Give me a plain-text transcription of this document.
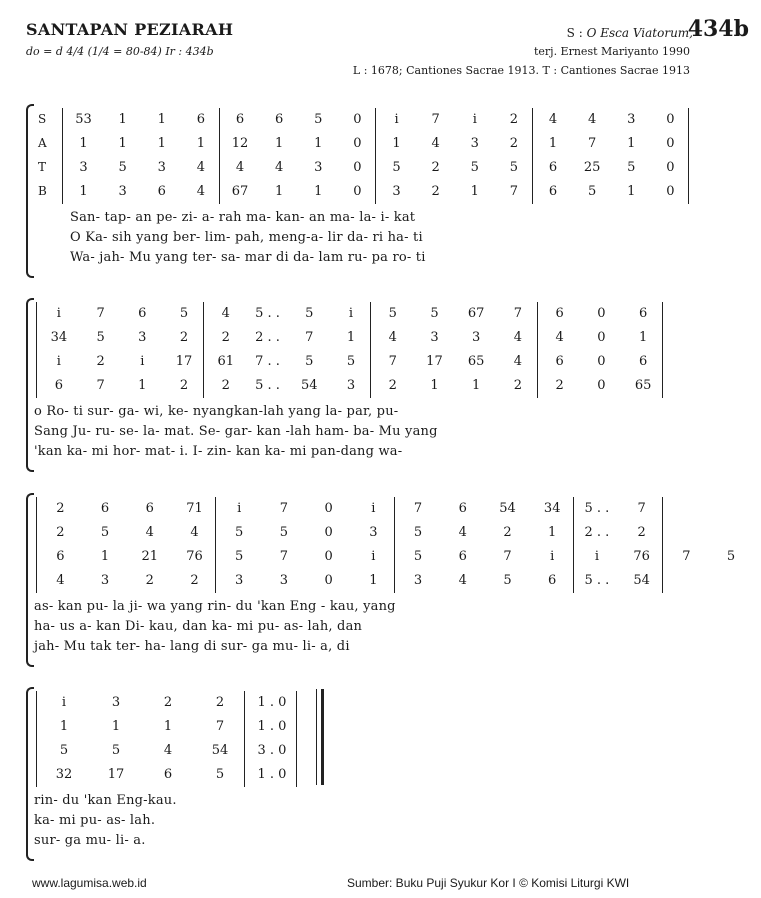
SANTAPAN PEZIARAH
do = d 4/4 (1/4 = 80-84) Ir : 434b
S : O Esca Viatorum,
434b
terj. Ernest Mariyanto 1990
L : 1678; Cantiones Sacrae 1913. T : Cantiones Sacrae 1913
S	53	1	1	6	6	6	5	0	i	7	i	2	4	4	3	0
A	1	1	1	1	12	1	1	0	1	4	3	2	1	7	1	0
T	3	5	3	4	4	4	3	0	5	2	5	5	6	25	5	0
B	1	3	6	4	67	1	1	0	3	2	1	7	6	5	1	0
San- tap- an pe- zi- a- rah ma- kan- an ma- la- i- kat
O Ka- sih yang ber- lim- pah, meng-a- lir da- ri ha- ti
Wa- jah- Mu yang ter- sa- mar di da- lam ru- pa ro- ti
i	7	6	5	4	5 . .	5	i	5	5	67	7	6	0	6
34	5	3	2	2	2 . .	7	1	4	3	3	4	4	0	1
i	2	i	17	61	7 . .	5	5	7	17	65	4	6	0	6
6	7	1	2	2	5 . .	54	3	2	1	1	2	2	0	65
o Ro- ti sur- ga- wi, ke- nyangkan-lah yang la- par, pu-
Sang Ju- ru- se- la- mat. Se- gar- kan -lah ham- ba- Mu yang
'kan ka- mi hor- mat- i. I- zin- kan ka- mi pan-dang wa-
2	6	6	71	i	7	0	i	7	6	54	34	5 . .	7
2	5	4	4	5	5	0	3	5	4	2	1	2 . .	2
6	1	21	76	5	7	0	i	5	6	7	i	i	76	7	5
4	3	2	2	3	3	0	1	3	4	5	6	5 . .	54
as- kan pu- la ji- wa yang rin- du 'kan Eng - kau, yang
ha- us a- kan Di- kau, dan ka- mi pu- as- lah, dan
jah- Mu tak ter- ha- lang di sur- ga mu- li- a, di
i	3	2	2	1 . 0
1	1	1	7	1 . 0
5	5	4	54	3 . 0
32	17	6	5	1 . 0
rin- du 'kan Eng-kau.
ka- mi pu- as- lah.
sur- ga mu- li- a.
www.lagumisa.web.id	Sumber: Buku Puji Syukur Kor I © Komisi Liturgi KWI
